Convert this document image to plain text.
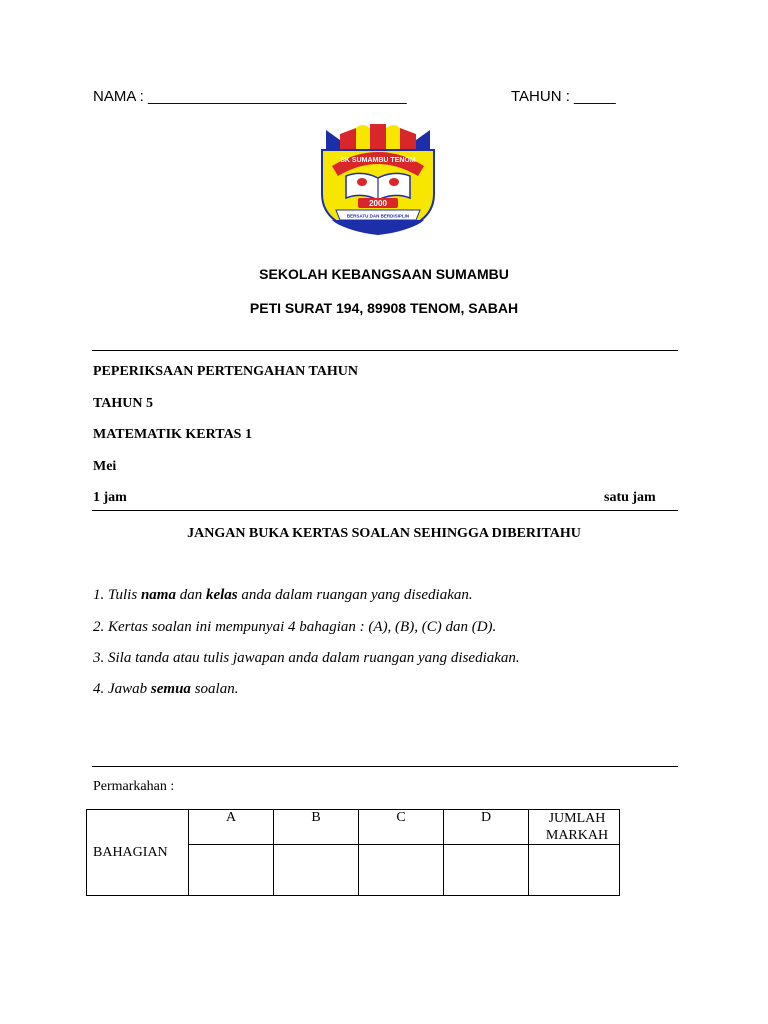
NAMA : _______________________________	TAHUN : _____
SK SUMAMBU TENOM
2000
BERSATU DAN BERDISIPLIN
SEKOLAH KEBANGSAAN SUMAMBU
PETI SURAT 194, 89908 TENOM, SABAH
PEPERIKSAAN PERTENGAHAN TAHUN
TAHUN 5
MATEMATIK KERTAS 1
Mei
1 jam	satu jam
JANGAN BUKA KERTAS SOALAN SEHINGGA DIBERITAHU
1. Tulis nama dan kelas anda dalam ruangan yang disediakan.
2. Kertas soalan ini mempunyai 4 bahagian : (A), (B), (C) dan (D).
3. Sila tanda atau tulis jawapan anda dalam ruangan yang disediakan.
4. Jawab semua soalan.
Permarkahan :
BAHAGIAN	A	B	C	D	JUMLAH
MARKAH
